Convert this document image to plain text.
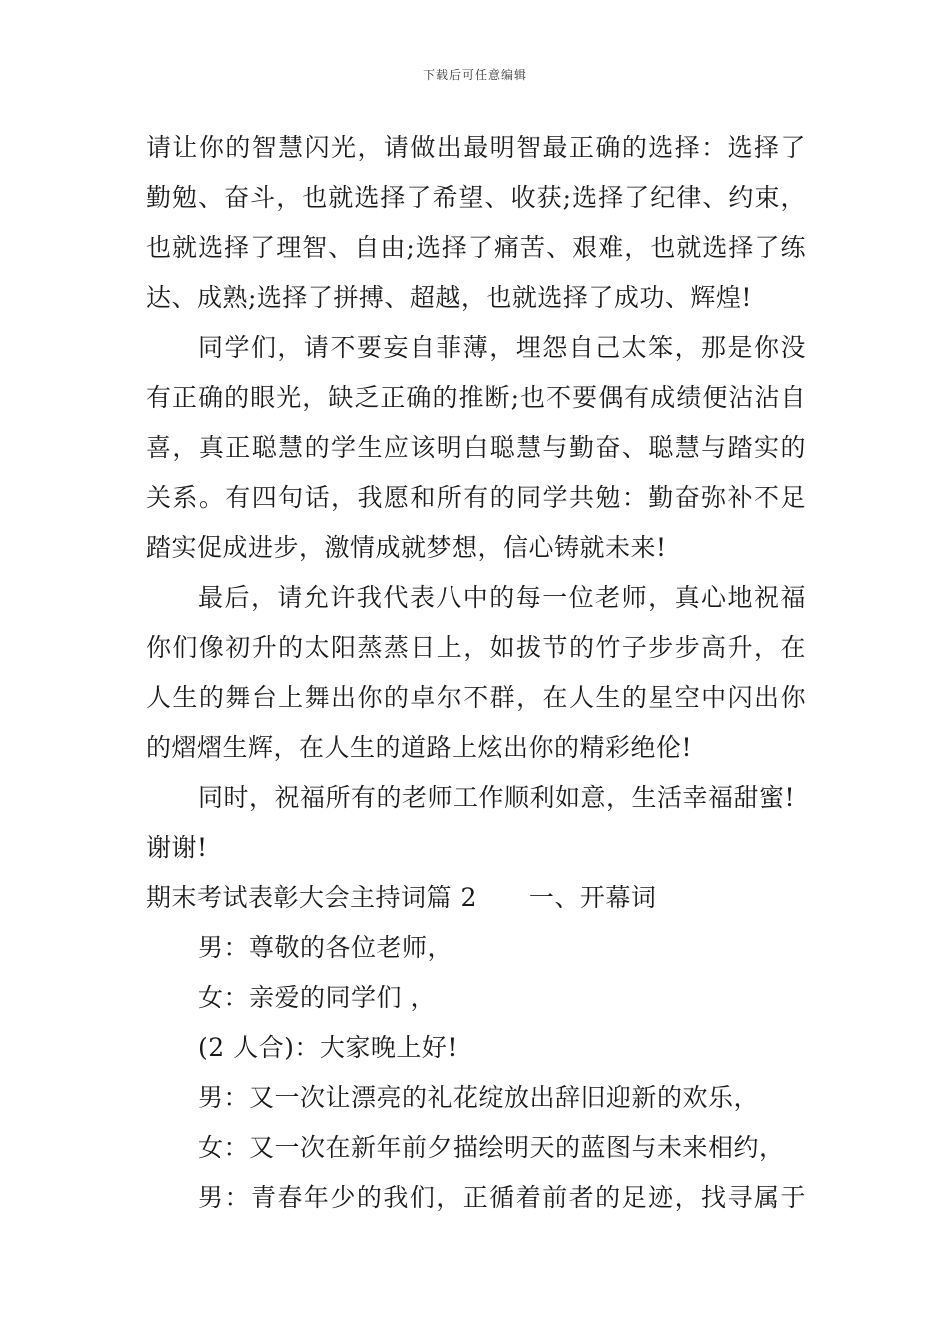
下载后可任意编辑
请让你的智慧闪光，请做出最明智最正确的选择：选择了
勤勉、奋斗，也就选择了希望、收获;选择了纪律、约束，
也就选择了理智、自由;选择了痛苦、艰难，也就选择了练
达、成熟;选择了拼搏、超越，也就选择了成功、辉煌!
同学们，请不要妄自菲薄，埋怨自己太笨，那是你没
有正确的眼光，缺乏正确的推断;也不要偶有成绩便沾沾自
喜，真正聪慧的学生应该明白聪慧与勤奋、聪慧与踏实的
关系。有四句话，我愿和所有的同学共勉：勤奋弥补不足
踏实促成进步，激情成就梦想，信心铸就未来!
最后，请允许我代表八中的每一位老师，真心地祝福
你们像初升的太阳蒸蒸日上，如拔节的竹子步步高升，在
人生的舞台上舞出你的卓尔不群，在人生的星空中闪出你
的熠熠生辉，在人生的道路上炫出你的精彩绝伦!
同时，祝福所有的老师工作顺利如意，生活幸福甜蜜!
谢谢!
期末考试表彰大会主持词篇 2 一、开幕词
男：尊敬的各位老师，
女：亲爱的同学们 ，
(2 人合)：大家晚上好!
男：又一次让漂亮的礼花绽放出辞旧迎新的欢乐，
女：又一次在新年前夕描绘明天的蓝图与未来相约，
男：青春年少的我们，正循着前者的足迹，找寻属于
